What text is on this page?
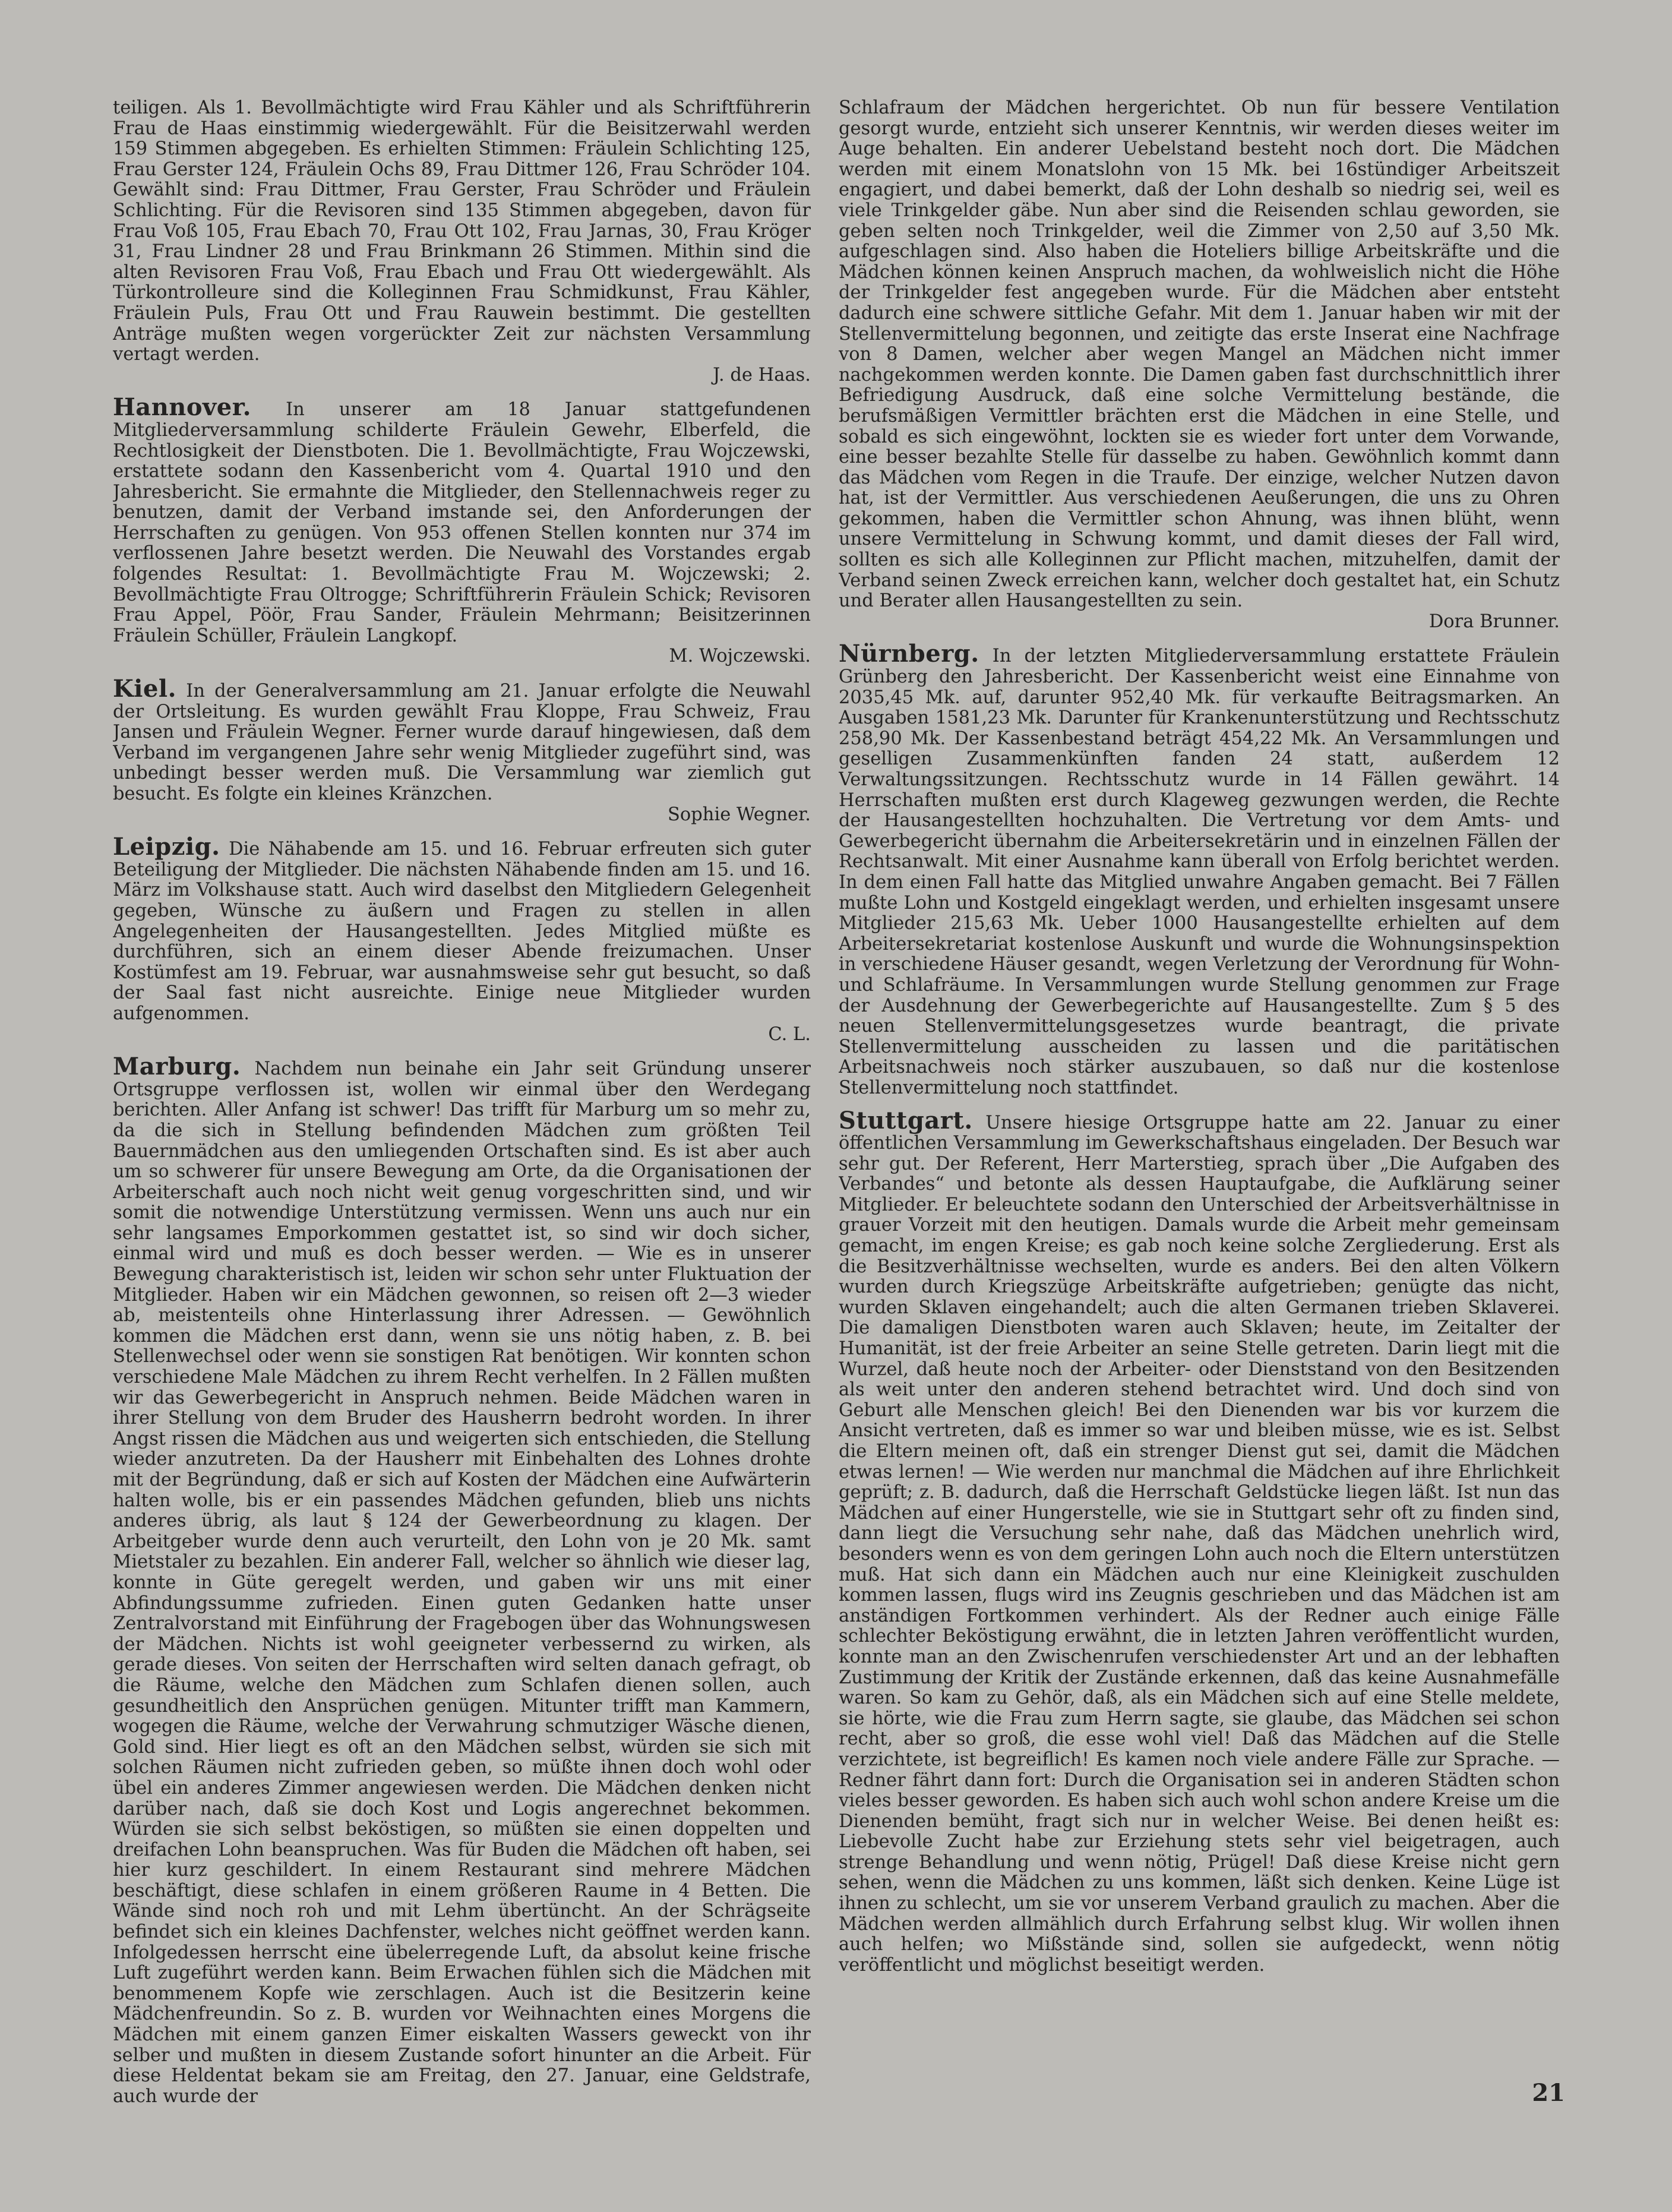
teiligen. Als 1. Bevollmächtigte wird Frau Kähler und als Schriftführerin Frau de Haas einstimmig wiedergewählt. Für die Beisitzerwahl werden 159 Stimmen abgegeben. Es erhielten Stimmen: Fräulein Schlichting 125, Frau Gerster 124, Fräulein Ochs 89, Frau Dittmer 126, Frau Schröder 104. Gewählt sind: Frau Dittmer, Frau Gerster, Frau Schröder und Fräulein Schlichting. Für die Revisoren sind 135 Stimmen abgegeben, davon für Frau Voß 105, Frau Ebach 70, Frau Ott 102, Frau Jarnas, 30, Frau Kröger 31, Frau Lindner 28 und Frau Brinkmann 26 Stimmen. Mithin sind die alten Revisoren Frau Voß, Frau Ebach und Frau Ott wiedergewählt. Als Türkontrolleure sind die Kolleginnen Frau Schmidkunst, Frau Kähler, Fräulein Puls, Frau Ott und Frau Rauwein bestimmt. Die gestellten Anträge mußten wegen vorgerückter Zeit zur nächsten Versammlung vertagt werden.

J. de Haas.

Hannover. In unserer am 18 Januar stattgefundenen Mitgliederversammlung schilderte Fräulein Gewehr, Elberfeld, die Rechtlosigkeit der Dienstboten. Die 1. Bevollmächtigte, Frau Wojczewski, erstattete sodann den Kassenbericht vom 4. Quartal 1910 und den Jahresbericht. Sie ermahnte die Mitglieder, den Stellennachweis reger zu benutzen, damit der Verband imstande sei, den Anforderungen der Herrschaften zu genügen. Von 953 offenen Stellen konnten nur 374 im verflossenen Jahre besetzt werden. Die Neuwahl des Vorstandes ergab folgendes Resultat: 1. Bevollmächtigte Frau M. Wojczewski; 2. Bevollmächtigte Frau Oltrogge; Schriftführerin Fräulein Schick; Revisoren Frau Appel, Pöör, Frau Sander, Fräulein Mehrmann; Beisitzerinnen Fräulein Schüller, Fräulein Langkopf.

M. Wojczewski.

Kiel. In der Generalversammlung am 21. Januar erfolgte die Neuwahl der Ortsleitung. Es wurden gewählt Frau Kloppe, Frau Schweiz, Frau Jansen und Fräulein Wegner. Ferner wurde darauf hingewiesen, daß dem Verband im vergangenen Jahre sehr wenig Mitglieder zugeführt sind, was unbedingt besser werden muß. Die Versammlung war ziemlich gut besucht. Es folgte ein kleines Kränzchen.

Sophie Wegner.

Leipzig. Die Nähabende am 15. und 16. Februar erfreuten sich guter Beteiligung der Mitglieder. Die nächsten Nähabende finden am 15. und 16. März im Volkshause statt. Auch wird daselbst den Mitgliedern Gelegenheit gegeben, Wünsche zu äußern und Fragen zu stellen in allen Angelegenheiten der Hausangestellten. Jedes Mitglied müßte es durchführen, sich an einem dieser Abende freizumachen. Unser Kostümfest am 19. Februar, war ausnahmsweise sehr gut besucht, so daß der Saal fast nicht ausreichte. Einige neue Mitglieder wurden aufgenommen.

C. L.

Marburg. Nachdem nun beinahe ein Jahr seit Gründung unserer Ortsgruppe verflossen ist, wollen wir einmal über den Werdegang berichten. Aller Anfang ist schwer! Das trifft für Marburg um so mehr zu, da die sich in Stellung befindenden Mädchen zum größten Teil Bauernmädchen aus den umliegenden Ortschaften sind. Es ist aber auch um so schwerer für unsere Bewegung am Orte, da die Organisationen der Arbeiterschaft auch noch nicht weit genug vorgeschritten sind, und wir somit die notwendige Unterstützung vermissen. Wenn uns auch nur ein sehr langsames Emporkommen gestattet ist, so sind wir doch sicher, einmal wird und muß es doch besser werden. — Wie es in unserer Bewegung charakteristisch ist, leiden wir schon sehr unter Fluktuation der Mitglieder. Haben wir ein Mädchen gewonnen, so reisen oft 2—3 wieder ab, meistenteils ohne Hinterlassung ihrer Adressen. — Gewöhnlich kommen die Mädchen erst dann, wenn sie uns nötig haben, z. B. bei Stellenwechsel oder wenn sie sonstigen Rat benötigen. Wir konnten schon verschiedene Male Mädchen zu ihrem Recht verhelfen. In 2 Fällen mußten wir das Gewerbegericht in Anspruch nehmen. Beide Mädchen waren in ihrer Stellung von dem Bruder des Hausherrn bedroht worden. In ihrer Angst rissen die Mädchen aus und weigerten sich entschieden, die Stellung wieder anzutreten. Da der Hausherr mit Einbehalten des Lohnes drohte mit der Begründung, daß er sich auf Kosten der Mädchen eine Aufwärterin halten wolle, bis er ein passendes Mädchen gefunden, blieb uns nichts anderes übrig, als laut § 124 der Gewerbeordnung zu klagen. Der Arbeitgeber wurde denn auch verurteilt, den Lohn von je 20 Mk. samt Mietstaler zu bezahlen. Ein anderer Fall, welcher so ähnlich wie dieser lag, konnte in Güte geregelt werden, und gaben wir uns mit einer Abfindungssumme zufrieden. Einen guten Gedanken hatte unser Zentralvorstand mit Einführung der Fragebogen über das Wohnungswesen der Mädchen. Nichts ist wohl geeigneter verbessernd zu wirken, als gerade dieses. Von seiten der Herrschaften wird selten danach gefragt, ob die Räume, welche den Mädchen zum Schlafen dienen sollen, auch gesundheitlich den Ansprüchen genügen. Mitunter trifft man Kammern, wogegen die Räume, welche der Verwahrung schmutziger Wäsche dienen, Gold sind. Hier liegt es oft an den Mädchen selbst, würden sie sich mit solchen Räumen nicht zufrieden geben, so müßte ihnen doch wohl oder übel ein anderes Zimmer angewiesen werden. Die Mädchen denken nicht darüber nach, daß sie doch Kost und Logis angerechnet bekommen. Würden sie sich selbst beköstigen, so müßten sie einen doppelten und dreifachen Lohn beanspruchen. Was für Buden die Mädchen oft haben, sei hier kurz geschildert. In einem Restaurant sind mehrere Mädchen beschäftigt, diese schlafen in einem größeren Raume in 4 Betten. Die Wände sind noch roh und mit Lehm übertüncht. An der Schrägseite befindet sich ein kleines Dachfenster, welches nicht geöffnet werden kann. Infolgedessen herrscht eine übelerregende Luft, da absolut keine frische Luft zugeführt werden kann. Beim Erwachen fühlen sich die Mädchen mit benommenem Kopfe wie zerschlagen. Auch ist die Besitzerin keine Mädchenfreundin. So z. B. wurden vor Weihnachten eines Morgens die Mädchen mit einem ganzen Eimer eiskalten Wassers geweckt von ihr selber und mußten in diesem Zustande sofort hinunter an die Arbeit. Für diese Heldentat bekam sie am Freitag, den 27. Januar, eine Geldstrafe, auch wurde der

Schlafraum der Mädchen hergerichtet. Ob nun für bessere Ventilation gesorgt wurde, entzieht sich unserer Kenntnis, wir werden dieses weiter im Auge behalten. Ein anderer Uebelstand besteht noch dort. Die Mädchen werden mit einem Monatslohn von 15 Mk. bei 16stündiger Arbeitszeit engagiert, und dabei bemerkt, daß der Lohn deshalb so niedrig sei, weil es viele Trinkgelder gäbe. Nun aber sind die Reisenden schlau geworden, sie geben selten noch Trinkgelder, weil die Zimmer von 2,50 auf 3,50 Mk. aufgeschlagen sind. Also haben die Hoteliers billige Arbeitskräfte und die Mädchen können keinen Anspruch machen, da wohlweislich nicht die Höhe der Trinkgelder fest angegeben wurde. Für die Mädchen aber entsteht dadurch eine schwere sittliche Gefahr. Mit dem 1. Januar haben wir mit der Stellenvermittelung begonnen, und zeitigte das erste Inserat eine Nachfrage von 8 Damen, welcher aber wegen Mangel an Mädchen nicht immer nachgekommen werden konnte. Die Damen gaben fast durchschnittlich ihrer Befriedigung Ausdruck, daß eine solche Vermittelung bestände, die berufsmäßigen Vermittler brächten erst die Mädchen in eine Stelle, und sobald es sich eingewöhnt, lockten sie es wieder fort unter dem Vorwande, eine besser bezahlte Stelle für dasselbe zu haben. Gewöhnlich kommt dann das Mädchen vom Regen in die Traufe. Der einzige, welcher Nutzen davon hat, ist der Vermittler. Aus verschiedenen Aeußerungen, die uns zu Ohren gekommen, haben die Vermittler schon Ahnung, was ihnen blüht, wenn unsere Vermittelung in Schwung kommt, und damit dieses der Fall wird, sollten es sich alle Kolleginnen zur Pflicht machen, mitzuhelfen, damit der Verband seinen Zweck erreichen kann, welcher doch gestaltet hat, ein Schutz und Berater allen Hausangestellten zu sein.

Dora Brunner.

Nürnberg. In der letzten Mitgliederversammlung erstattete Fräulein Grünberg den Jahresbericht. Der Kassenbericht weist eine Einnahme von 2035,45 Mk. auf, darunter 952,40 Mk. für verkaufte Beitragsmarken. An Ausgaben 1581,23 Mk. Darunter für Krankenunterstützung und Rechtsschutz 258,90 Mk. Der Kassenbestand beträgt 454,22 Mk. An Versammlungen und geselligen Zusammenkünften fanden 24 statt, außerdem 12 Verwaltungssitzungen. Rechtsschutz wurde in 14 Fällen gewährt. 14 Herrschaften mußten erst durch Klageweg gezwungen werden, die Rechte der Hausangestellten hochzuhalten. Die Vertretung vor dem Amts- und Gewerbegericht übernahm die Arbeitersekretärin und in einzelnen Fällen der Rechtsanwalt. Mit einer Ausnahme kann überall von Erfolg berichtet werden. In dem einen Fall hatte das Mitglied unwahre Angaben gemacht. Bei 7 Fällen mußte Lohn und Kostgeld eingeklagt werden, und erhielten insgesamt unsere Mitglieder 215,63 Mk. Ueber 1000 Hausangestellte erhielten auf dem Arbeitersekretariat kostenlose Auskunft und wurde die Wohnungsinspektion in verschiedene Häuser gesandt, wegen Verletzung der Verordnung für Wohn- und Schlafräume. In Versammlungen wurde Stellung genommen zur Frage der Ausdehnung der Gewerbegerichte auf Hausangestellte. Zum § 5 des neuen Stellenvermittelungsgesetzes wurde beantragt, die private Stellenvermittelung ausscheiden zu lassen und die paritätischen Arbeitsnachweis noch stärker auszubauen, so daß nur die kostenlose Stellenvermittelung noch stattfindet.

Stuttgart. Unsere hiesige Ortsgruppe hatte am 22. Januar zu einer öffentlichen Versammlung im Gewerkschaftshaus eingeladen. Der Besuch war sehr gut. Der Referent, Herr Marterstieg, sprach über „Die Aufgaben des Verbandes“ und betonte als dessen Hauptaufgabe, die Aufklärung seiner Mitglieder. Er beleuchtete sodann den Unterschied der Arbeitsverhältnisse in grauer Vorzeit mit den heutigen. Damals wurde die Arbeit mehr gemeinsam gemacht, im engen Kreise; es gab noch keine solche Zergliederung. Erst als die Besitzverhältnisse wechselten, wurde es anders. Bei den alten Völkern wurden durch Kriegszüge Arbeitskräfte aufgetrieben; genügte das nicht, wurden Sklaven eingehandelt; auch die alten Germanen trieben Sklaverei. Die damaligen Dienstboten waren auch Sklaven; heute, im Zeitalter der Humanität, ist der freie Arbeiter an seine Stelle getreten. Darin liegt mit die Wurzel, daß heute noch der Arbeiter- oder Dienststand von den Besitzenden als weit unter den anderen stehend betrachtet wird. Und doch sind von Geburt alle Menschen gleich! Bei den Dienenden war bis vor kurzem die Ansicht vertreten, daß es immer so war und bleiben müsse, wie es ist. Selbst die Eltern meinen oft, daß ein strenger Dienst gut sei, damit die Mädchen etwas lernen! — Wie werden nur manchmal die Mädchen auf ihre Ehrlichkeit geprüft; z. B. dadurch, daß die Herrschaft Geldstücke liegen läßt. Ist nun das Mädchen auf einer Hungerstelle, wie sie in Stuttgart sehr oft zu finden sind, dann liegt die Versuchung sehr nahe, daß das Mädchen unehrlich wird, besonders wenn es von dem geringen Lohn auch noch die Eltern unterstützen muß. Hat sich dann ein Mädchen auch nur eine Kleinigkeit zuschulden kommen lassen, flugs wird ins Zeugnis geschrieben und das Mädchen ist am anständigen Fortkommen verhindert. Als der Redner auch einige Fälle schlechter Beköstigung erwähnt, die in letzten Jahren veröffentlicht wurden, konnte man an den Zwischenrufen verschiedenster Art und an der lebhaften Zustimmung der Kritik der Zustände erkennen, daß das keine Ausnahmefälle waren. So kam zu Gehör, daß, als ein Mädchen sich auf eine Stelle meldete, sie hörte, wie die Frau zum Herrn sagte, sie glaube, das Mädchen sei schon recht, aber so groß, die esse wohl viel! Daß das Mädchen auf die Stelle verzichtete, ist begreiflich! Es kamen noch viele andere Fälle zur Sprache. — Redner fährt dann fort: Durch die Organisation sei in anderen Städten schon vieles besser geworden. Es haben sich auch wohl schon andere Kreise um die Dienenden bemüht, fragt sich nur in welcher Weise. Bei denen heißt es: Liebevolle Zucht habe zur Erziehung stets sehr viel beigetragen, auch strenge Behandlung und wenn nötig, Prügel! Daß diese Kreise nicht gern sehen, wenn die Mädchen zu uns kommen, läßt sich denken. Keine Lüge ist ihnen zu schlecht, um sie vor unserem Verband graulich zu machen. Aber die Mädchen werden allmählich durch Erfahrung selbst klug. Wir wollen ihnen auch helfen; wo Mißstände sind, sollen sie aufgedeckt, wenn nötig veröffentlicht und möglichst beseitigt werden.

21
